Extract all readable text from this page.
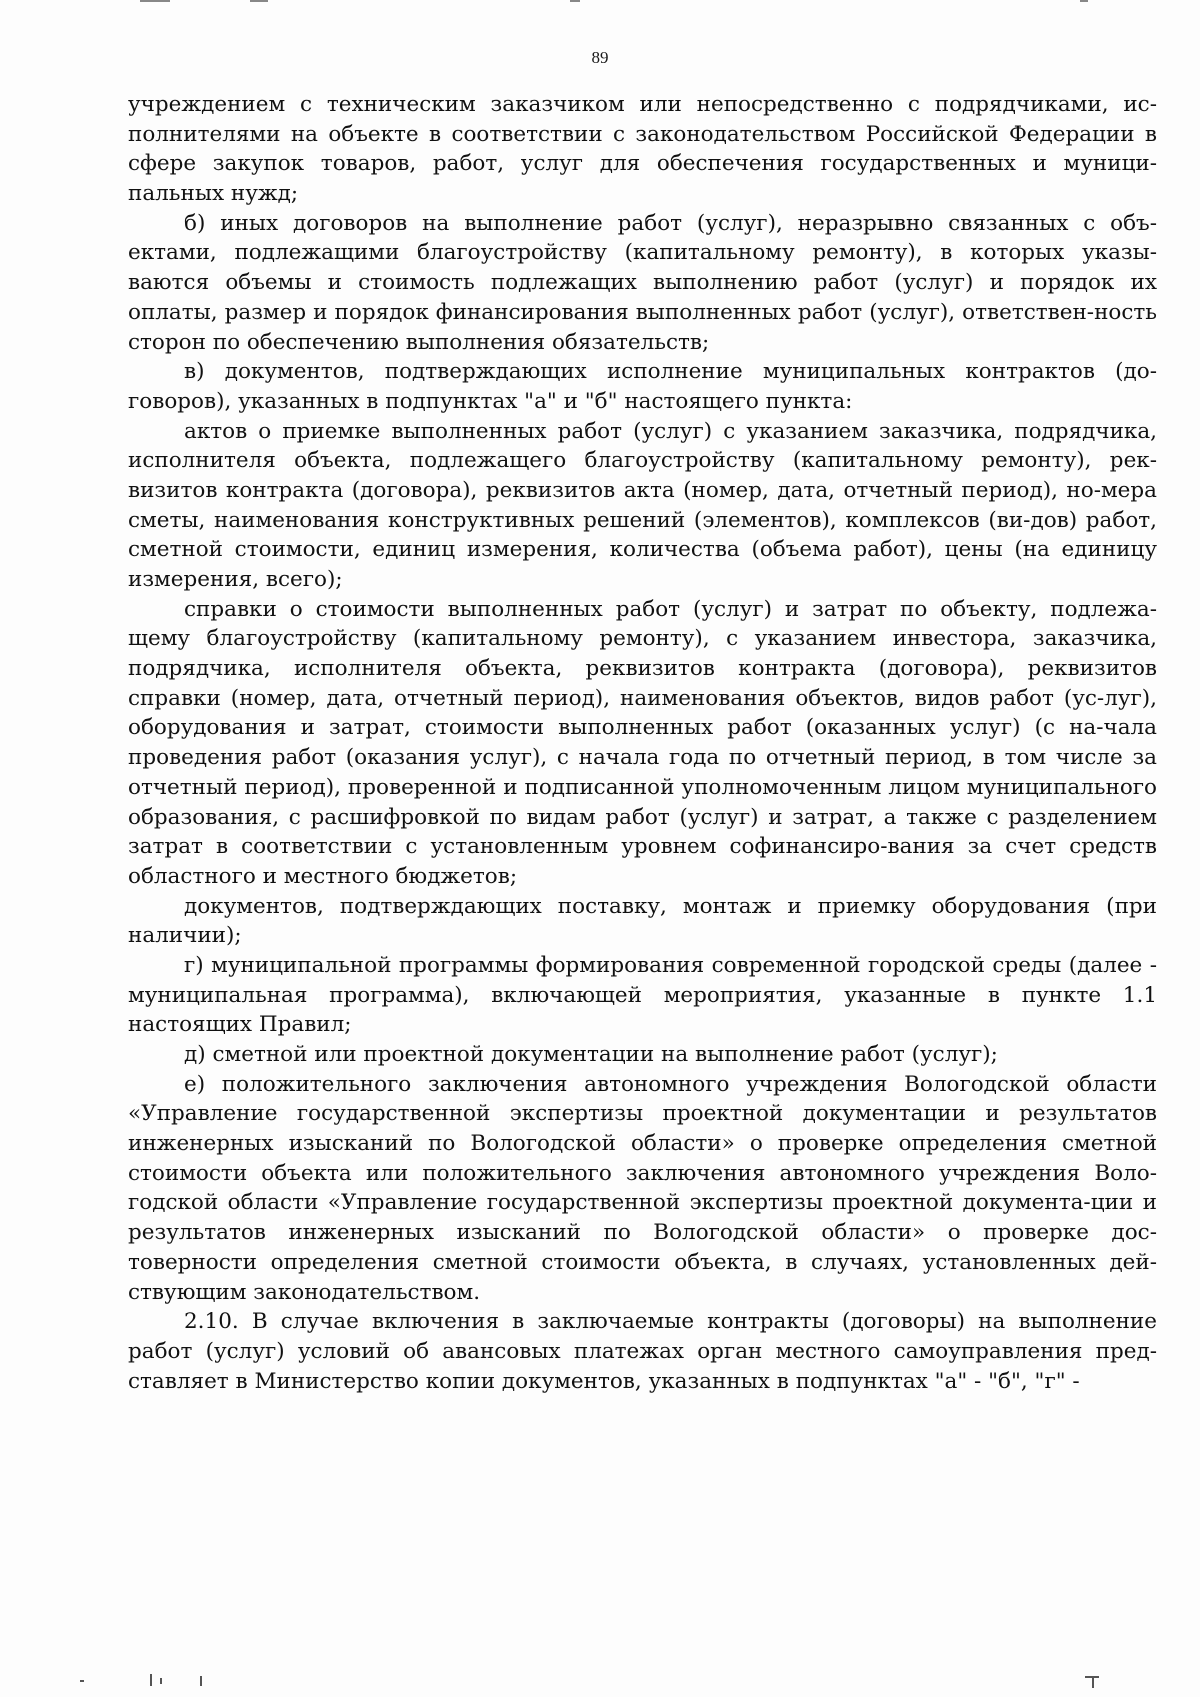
89

учреждением с техническим заказчиком или непосредственно с подрядчиками, ис-полнителями на объекте в соответствии с законодательством Российской Федерации в сфере закупок товаров, работ, услуг для обеспечения государственных и муници-пальных нужд;

б) иных договоров на выполнение работ (услуг), неразрывно связанных с объ-ектами, подлежащими благоустройству (капитальному ремонту), в которых указы-ваются объемы и стоимость подлежащих выполнению работ (услуг) и порядок их оплаты, размер и порядок финансирования выполненных работ (услуг), ответствен-ность сторон по обеспечению выполнения обязательств;

в) документов, подтверждающих исполнение муниципальных контрактов (до-говоров), указанных в подпунктах "а" и "б" настоящего пункта:

актов о приемке выполненных работ (услуг) с указанием заказчика, подрядчика, исполнителя объекта, подлежащего благоустройству (капитальному ремонту), рек-визитов контракта (договора), реквизитов акта (номер, дата, отчетный период), но-мера сметы, наименования конструктивных решений (элементов), комплексов (ви-дов) работ, сметной стоимости, единиц измерения, количества (объема работ), цены (на единицу измерения, всего);

справки о стоимости выполненных работ (услуг) и затрат по объекту, подлежа-щему благоустройству (капитальному ремонту), с указанием инвестора, заказчика, подрядчика, исполнителя объекта, реквизитов контракта (договора), реквизитов справки (номер, дата, отчетный период), наименования объектов, видов работ (ус-луг), оборудования и затрат, стоимости выполненных работ (оказанных услуг) (с на-чала проведения работ (оказания услуг), с начала года по отчетный период, в том числе за отчетный период), проверенной и подписанной уполномоченным лицом муниципального образования, с расшифровкой по видам работ (услуг) и затрат, а также с разделением затрат в соответствии с установленным уровнем софинансиро-вания за счет средств областного и местного бюджетов;

документов, подтверждающих поставку, монтаж и приемку оборудования (при наличии);

г) муниципальной программы формирования современной городской среды (далее - муниципальная программа), включающей мероприятия, указанные в пункте 1.1 настоящих Правил;

д) сметной или проектной документации на выполнение работ (услуг);

е) положительного заключения автономного учреждения Вологодской области «Управление государственной экспертизы проектной документации и результатов инженерных изысканий по Вологодской области» о проверке определения сметной стоимости объекта или положительного заключения автономного учреждения Воло-годской области «Управление государственной экспертизы проектной документа-ции и результатов инженерных изысканий по Вологодской области» о проверке дос-товерности определения сметной стоимости объекта, в случаях, установленных дей-ствующим законодательством.

2.10. В случае включения в заключаемые контракты (договоры) на выполнение работ (услуг) условий об авансовых платежах орган местного самоуправления пред-ставляет в Министерство копии документов, указанных в подпунктах "а" - "б", "г" -
